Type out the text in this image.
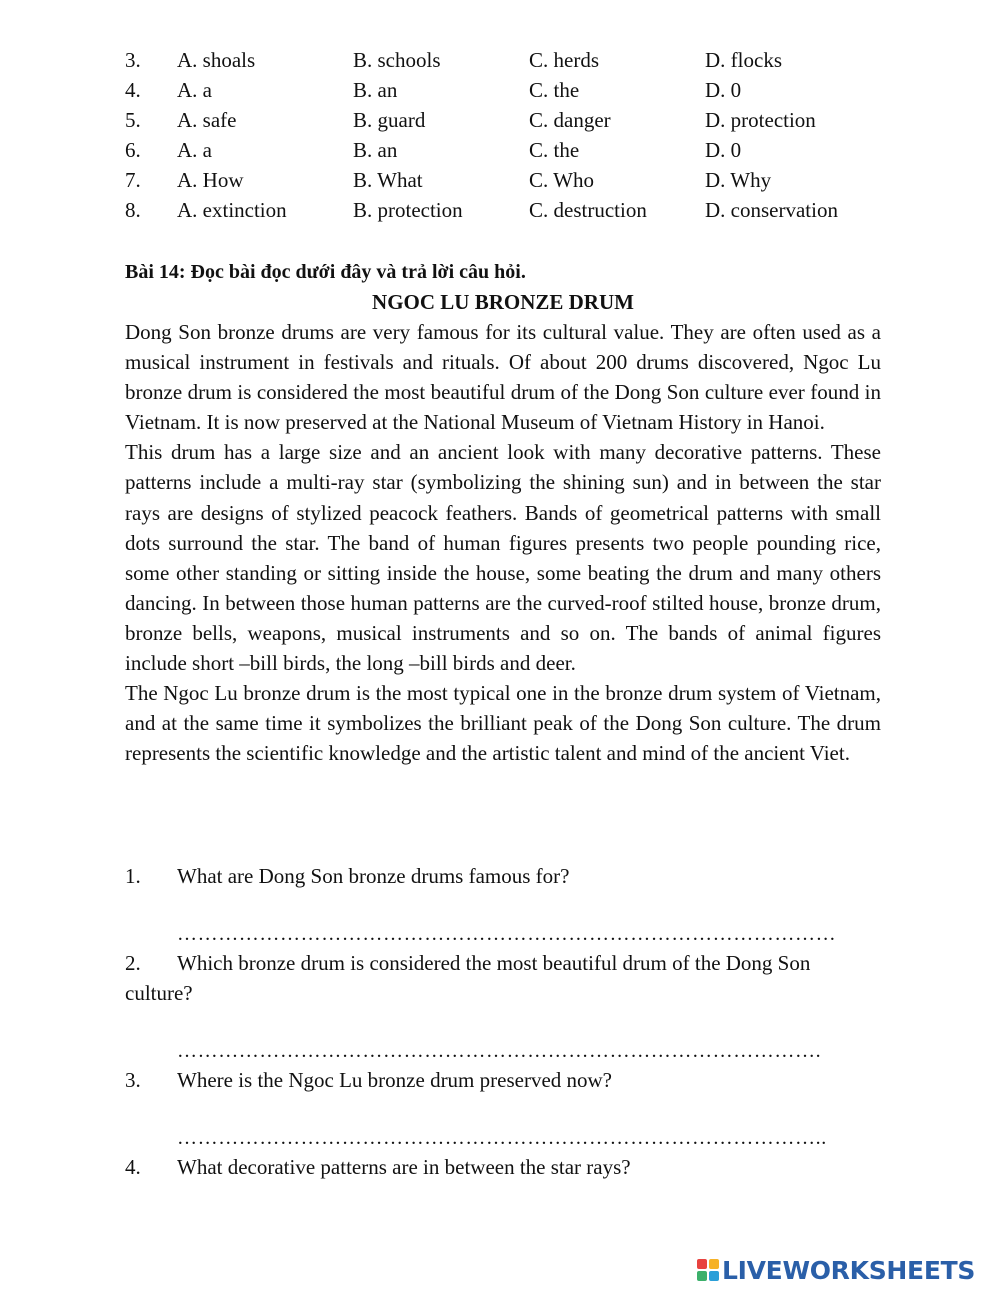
3. A. shoals	B. schools	C. herds	D. flocks
4. A. a	B. an	C. the	D. 0
5. A. safe	B. guard	C. danger	D. protection
6. A. a	B. an	C. the	D. 0
7. A. How	B. What	C. Who	D. Why
8. A. extinction	B. protection	C. destruction	D. conservation
Bài 14: Đọc bài đọc dưới đây và trả lời câu hỏi.
NGOC LU BRONZE DRUM

Dong Son bronze drums are very famous for its cultural value. They are often used as a musical instrument in festivals and rituals. Of about 200 drums discovered, Ngoc Lu bronze drum is considered the most beautiful drum of the Dong Son culture ever found in Vietnam. It is now preserved at the National Museum of Vietnam History in Hanoi.

This drum has a large size and an ancient look with many decorative patterns. These patterns include a multi-ray star (symbolizing the shining sun) and in between the star rays are designs of stylized peacock feathers. Bands of geometrical patterns with small dots surround the star. The band of human figures presents two people pounding rice, some other standing or sitting inside the house, some beating the drum and many others dancing. In between those human patterns are the curved-roof stilted house, bronze drum, bronze bells, weapons, musical instruments and so on. The bands of animal figures include short –bill birds, the long –bill birds and deer.

The Ngoc Lu bronze drum is the most typical one in the bronze drum system of Vietnam, and at the same time it symbolizes the brilliant peak of the Dong Son culture. The drum represents the scientific knowledge and the artistic talent and mind of the ancient Viet.

1.	What are Dong Son bronze drums famous for?
……………………………………………………………………………………
2.	Which bronze drum is considered the most beautiful drum of the Dong Son culture?
………………………………………………………………………………….
3.	Where is the Ngoc Lu bronze drum preserved now?
…………………………………………………………………………………..
4.	What decorative patterns are in between the star rays?
LIVEWORKSHEETS
